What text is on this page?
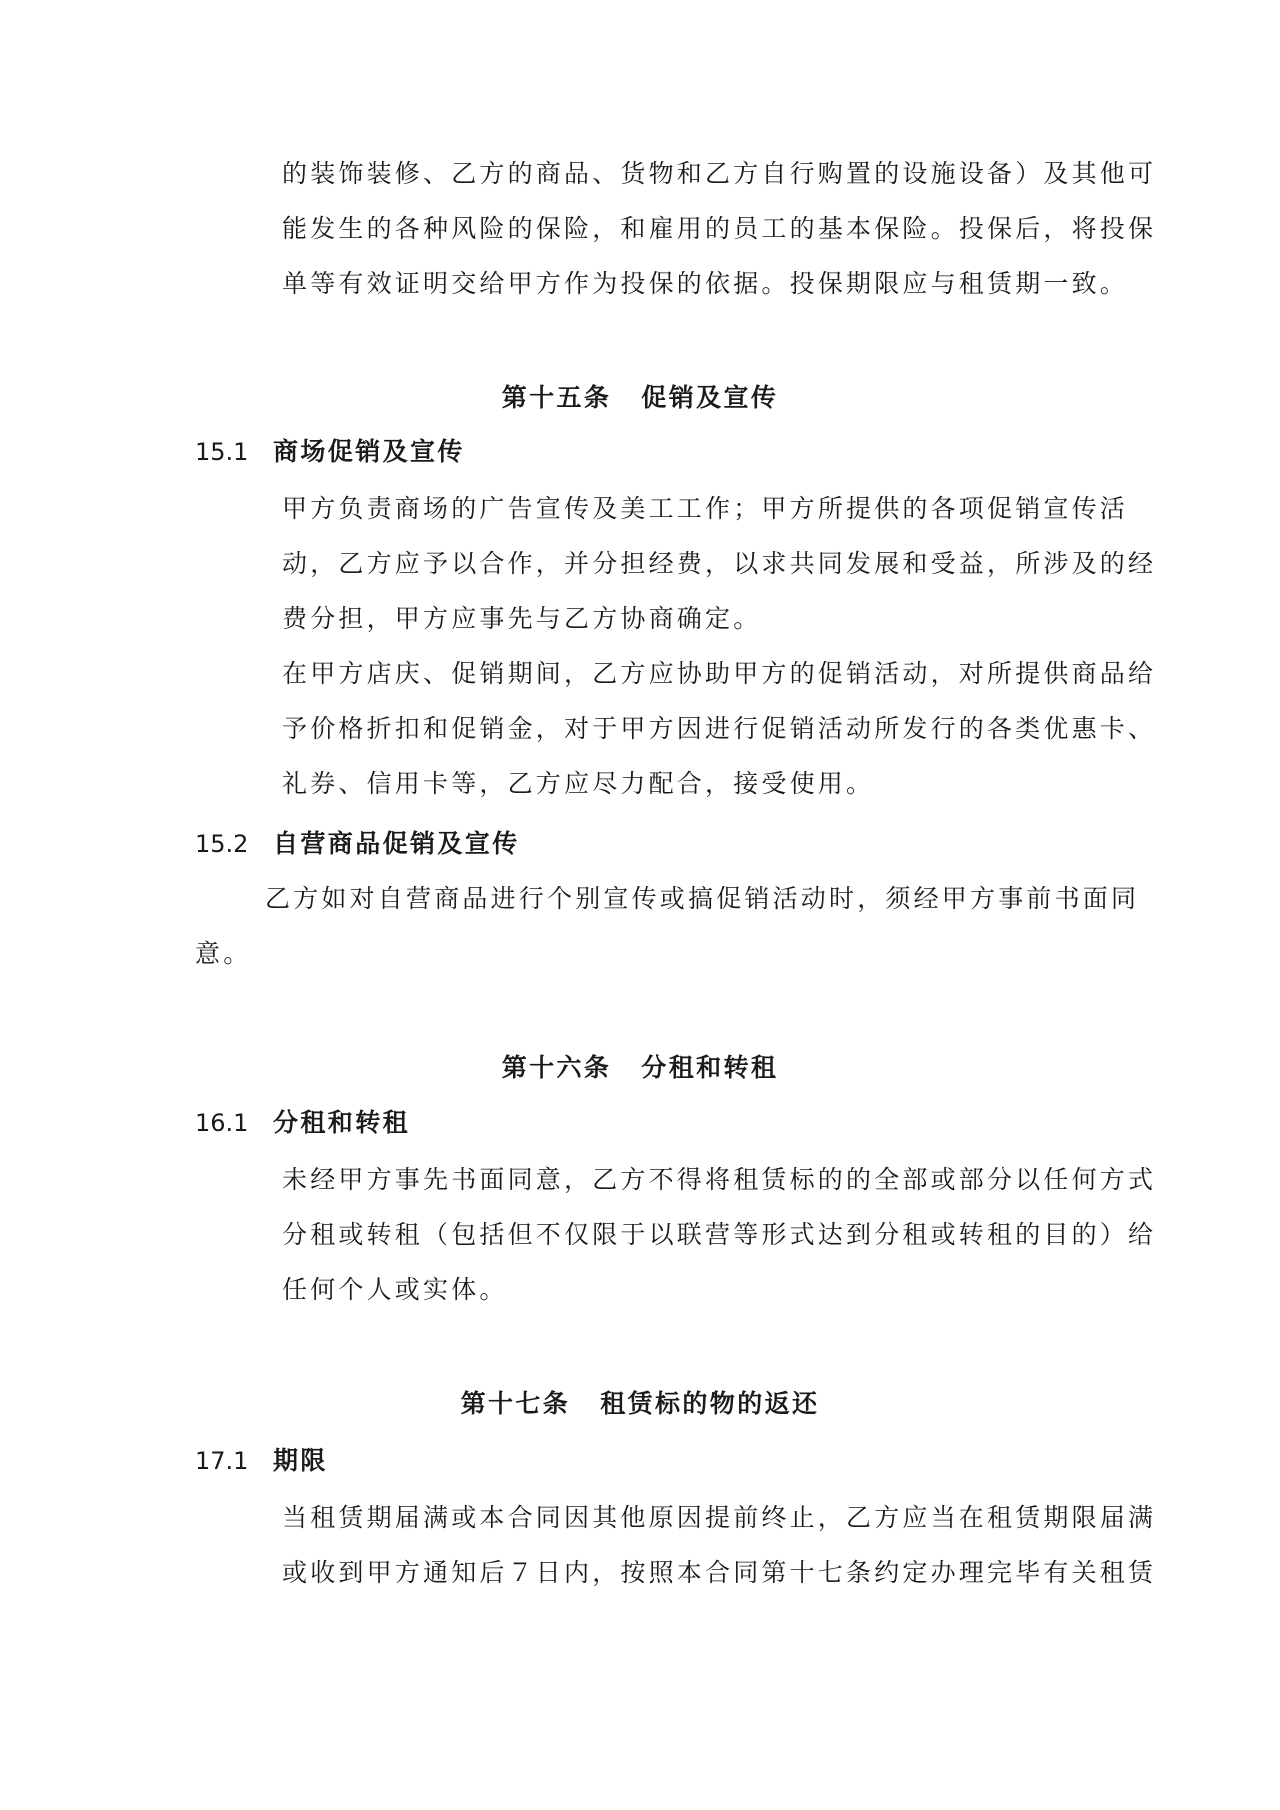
的装饰装修、乙方的商品、货物和乙方自行购置的设施设备）及其他可
能发生的各种风险的保险，和雇用的员工的基本保险。投保后，将投保
单等有效证明交给甲方作为投保的依据。投保期限应与租赁期一致。
第十五条 促销及宣传
15.1 商场促销及宣传
甲方负责商场的广告宣传及美工工作；甲方所提供的各项促销宣传活
动，乙方应予以合作，并分担经费，以求共同发展和受益，所涉及的经
费分担，甲方应事先与乙方协商确定。
在甲方店庆、促销期间，乙方应协助甲方的促销活动，对所提供商品给
予价格折扣和促销金，对于甲方因进行促销活动所发行的各类优惠卡、
礼券、信用卡等，乙方应尽力配合，接受使用。
15.2 自营商品促销及宣传
乙方如对自营商品进行个别宣传或搞促销活动时，须经甲方事前书面同
意。
第十六条 分租和转租
16.1 分租和转租
未经甲方事先书面同意，乙方不得将租赁标的的全部或部分以任何方式
分租或转租（包括但不仅限于以联营等形式达到分租或转租的目的）给
任何个人或实体。
第十七条 租赁标的物的返还
17.1 期限
当租赁期届满或本合同因其他原因提前终止，乙方应当在租赁期限届满
或收到甲方通知后７日内，按照本合同第十七条约定办理完毕有关租赁
